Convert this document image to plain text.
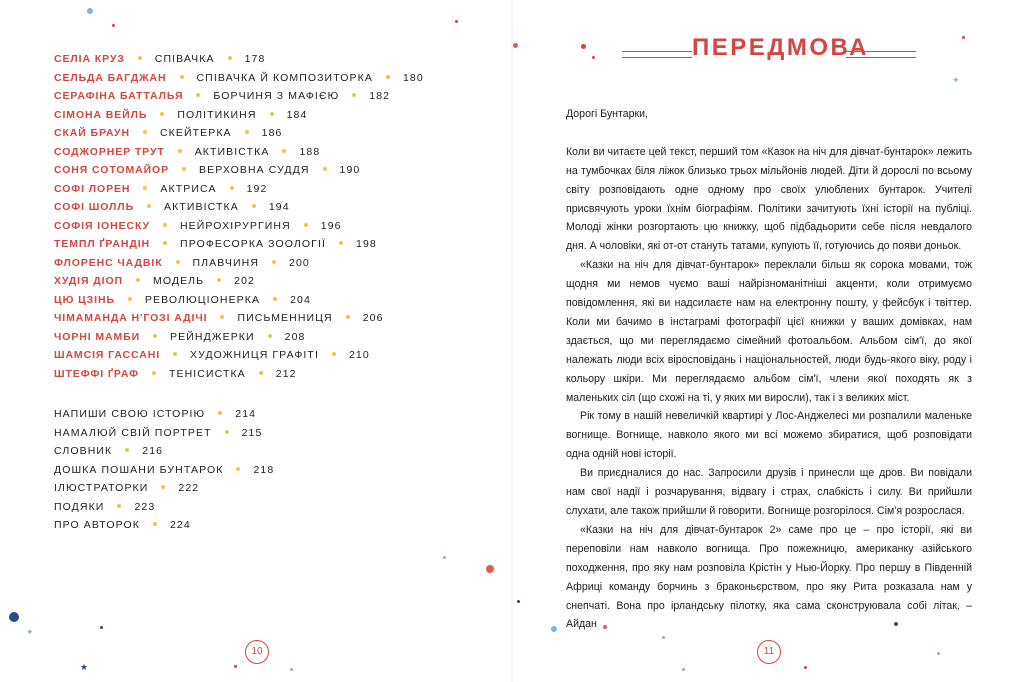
СЕЛІА КРУЗ	СПІВАЧКА	178
СЕЛЬДА БАГДЖАН	СПІВАЧКА Й КОМПОЗИТОРКА	180
СЕРАФІНА БАТТАЛЬЯ	БОРЧИНЯ З МАФІЄЮ	182
СІМОНА ВЕЙЛЬ	ПОЛІТИКИНЯ	184
СКАЙ БРАУН	СКЕЙТЕРКА	186
СОДЖОРНЕР ТРУТ	АКТИВІСТКА	188
СОНЯ СОТОМАЙОР	ВЕРХОВНА СУДДЯ	190
СОФІ ЛОРЕН	АКТРИСА	192
СОФІ ШОЛЛЬ	АКТИВІСТКА	194
СОФІЯ ІОНЕСКУ	НЕЙРОХІРУРГИНЯ	196
ТЕМПЛ ҐРАНДІН	ПРОФЕСОРКА ЗООЛОГІЇ	198
ФЛОРЕНС ЧАДВІК	ПЛАВЧИНЯ	200
ХУДІЯ ДІОП	МОДЕЛЬ	202
ЦЮ ЦЗІНЬ	РЕВОЛЮЦІОНЕРКА	204
ЧІМАМАНДА Н'ГОЗІ АДІЧІ	ПИСЬМЕННИЦЯ	206
ЧОРНІ МАМБИ	РЕЙНДЖЕРКИ	208
ШАМСІЯ ГАССАНІ	ХУДОЖНИЦЯ ГРАФІТІ	210
ШТЕФФІ ҐРАФ	ТЕНІСИСТКА	212
НАПИШИ СВОЮ ІСТОРІЮ	214
НАМАЛЮЙ СВІЙ ПОРТРЕТ	215
СЛОВНИК	216
ДОШКА ПОШАНИ БУНТАРОК	218
ІЛЮСТРАТОРКИ	222
ПОДЯКИ	223
ПРО АВТОРОК	224
10
★
✦
ПЕРЕДМОВА

Дорогі Бунтарки,

Коли ви читаєте цей текст, перший том «Казок на ніч для дівчат-бунтарок» лежить на тумбочках біля ліжок близько трьох мільйонів людей. Діти й дорослі по всьому світу розповідають одне одному про своїх улюблених бунтарок. Учителі присвячують уроки їхнім біографіям. Політики зачитують їхні історії на публіці. Молоді жінки розгортають цю книжку, щоб підбадьорити себе після невдалого дня. А чоловіки, які от-от стануть татами, купують її, готуючись до появи доньок.

«Казки на ніч для дівчат-бунтарок» переклали більш як сорока мовами, тож щодня ми немов чуємо ваші найрізноманітніші акценти, коли отримуємо повідомлення, які ви надсилаєте нам на електронну пошту, у фейсбук і твіттер. Коли ми бачимо в інстаграмі фотографії цієї книжки у ваших домівках, нам здається, що ми переглядаємо сімейний фотоальбом. Альбом сім'ї, до якої належать люди всіх віросповідань і національностей, люди будь-якого віку, роду і кольору шкіри. Ми переглядаємо альбом сім'ї, члени якої походять як з маленьких сіл (що схожі на ті, у яких ми виросли), так і з великих міст.

Рік тому в нашій невеличкій квартирі у Лос-Анджелесі ми розпалили маленьке вогнище. Вогнище, навколо якого ми всі можемо збиратися, щоб розповідати одна одній нові історії.

Ви приєдналися до нас. Запросили друзів і принесли ще дров. Ви повідали нам свої надії і розчарування, відвагу і страх, слабкість і силу. Ви прийшли слухати, але також прийшли й говорити. Вогнище розгорілося. Сім'я розрослася.

«Казки на ніч для дівчат-бунтарок 2» саме про це – про історії, які ви переповіли нам навколо вогнища. Про пожежницю, американку азійського походження, про яку нам розповіла Крістін у Нью-Йорку. Про першу в Південній Африці команду борчинь з браконьєрством, про яку Рита розказала нам у снепчаті. Вона про ірландську пілотку, яка сама сконструювала собі літак, – Айдан

11
✦
